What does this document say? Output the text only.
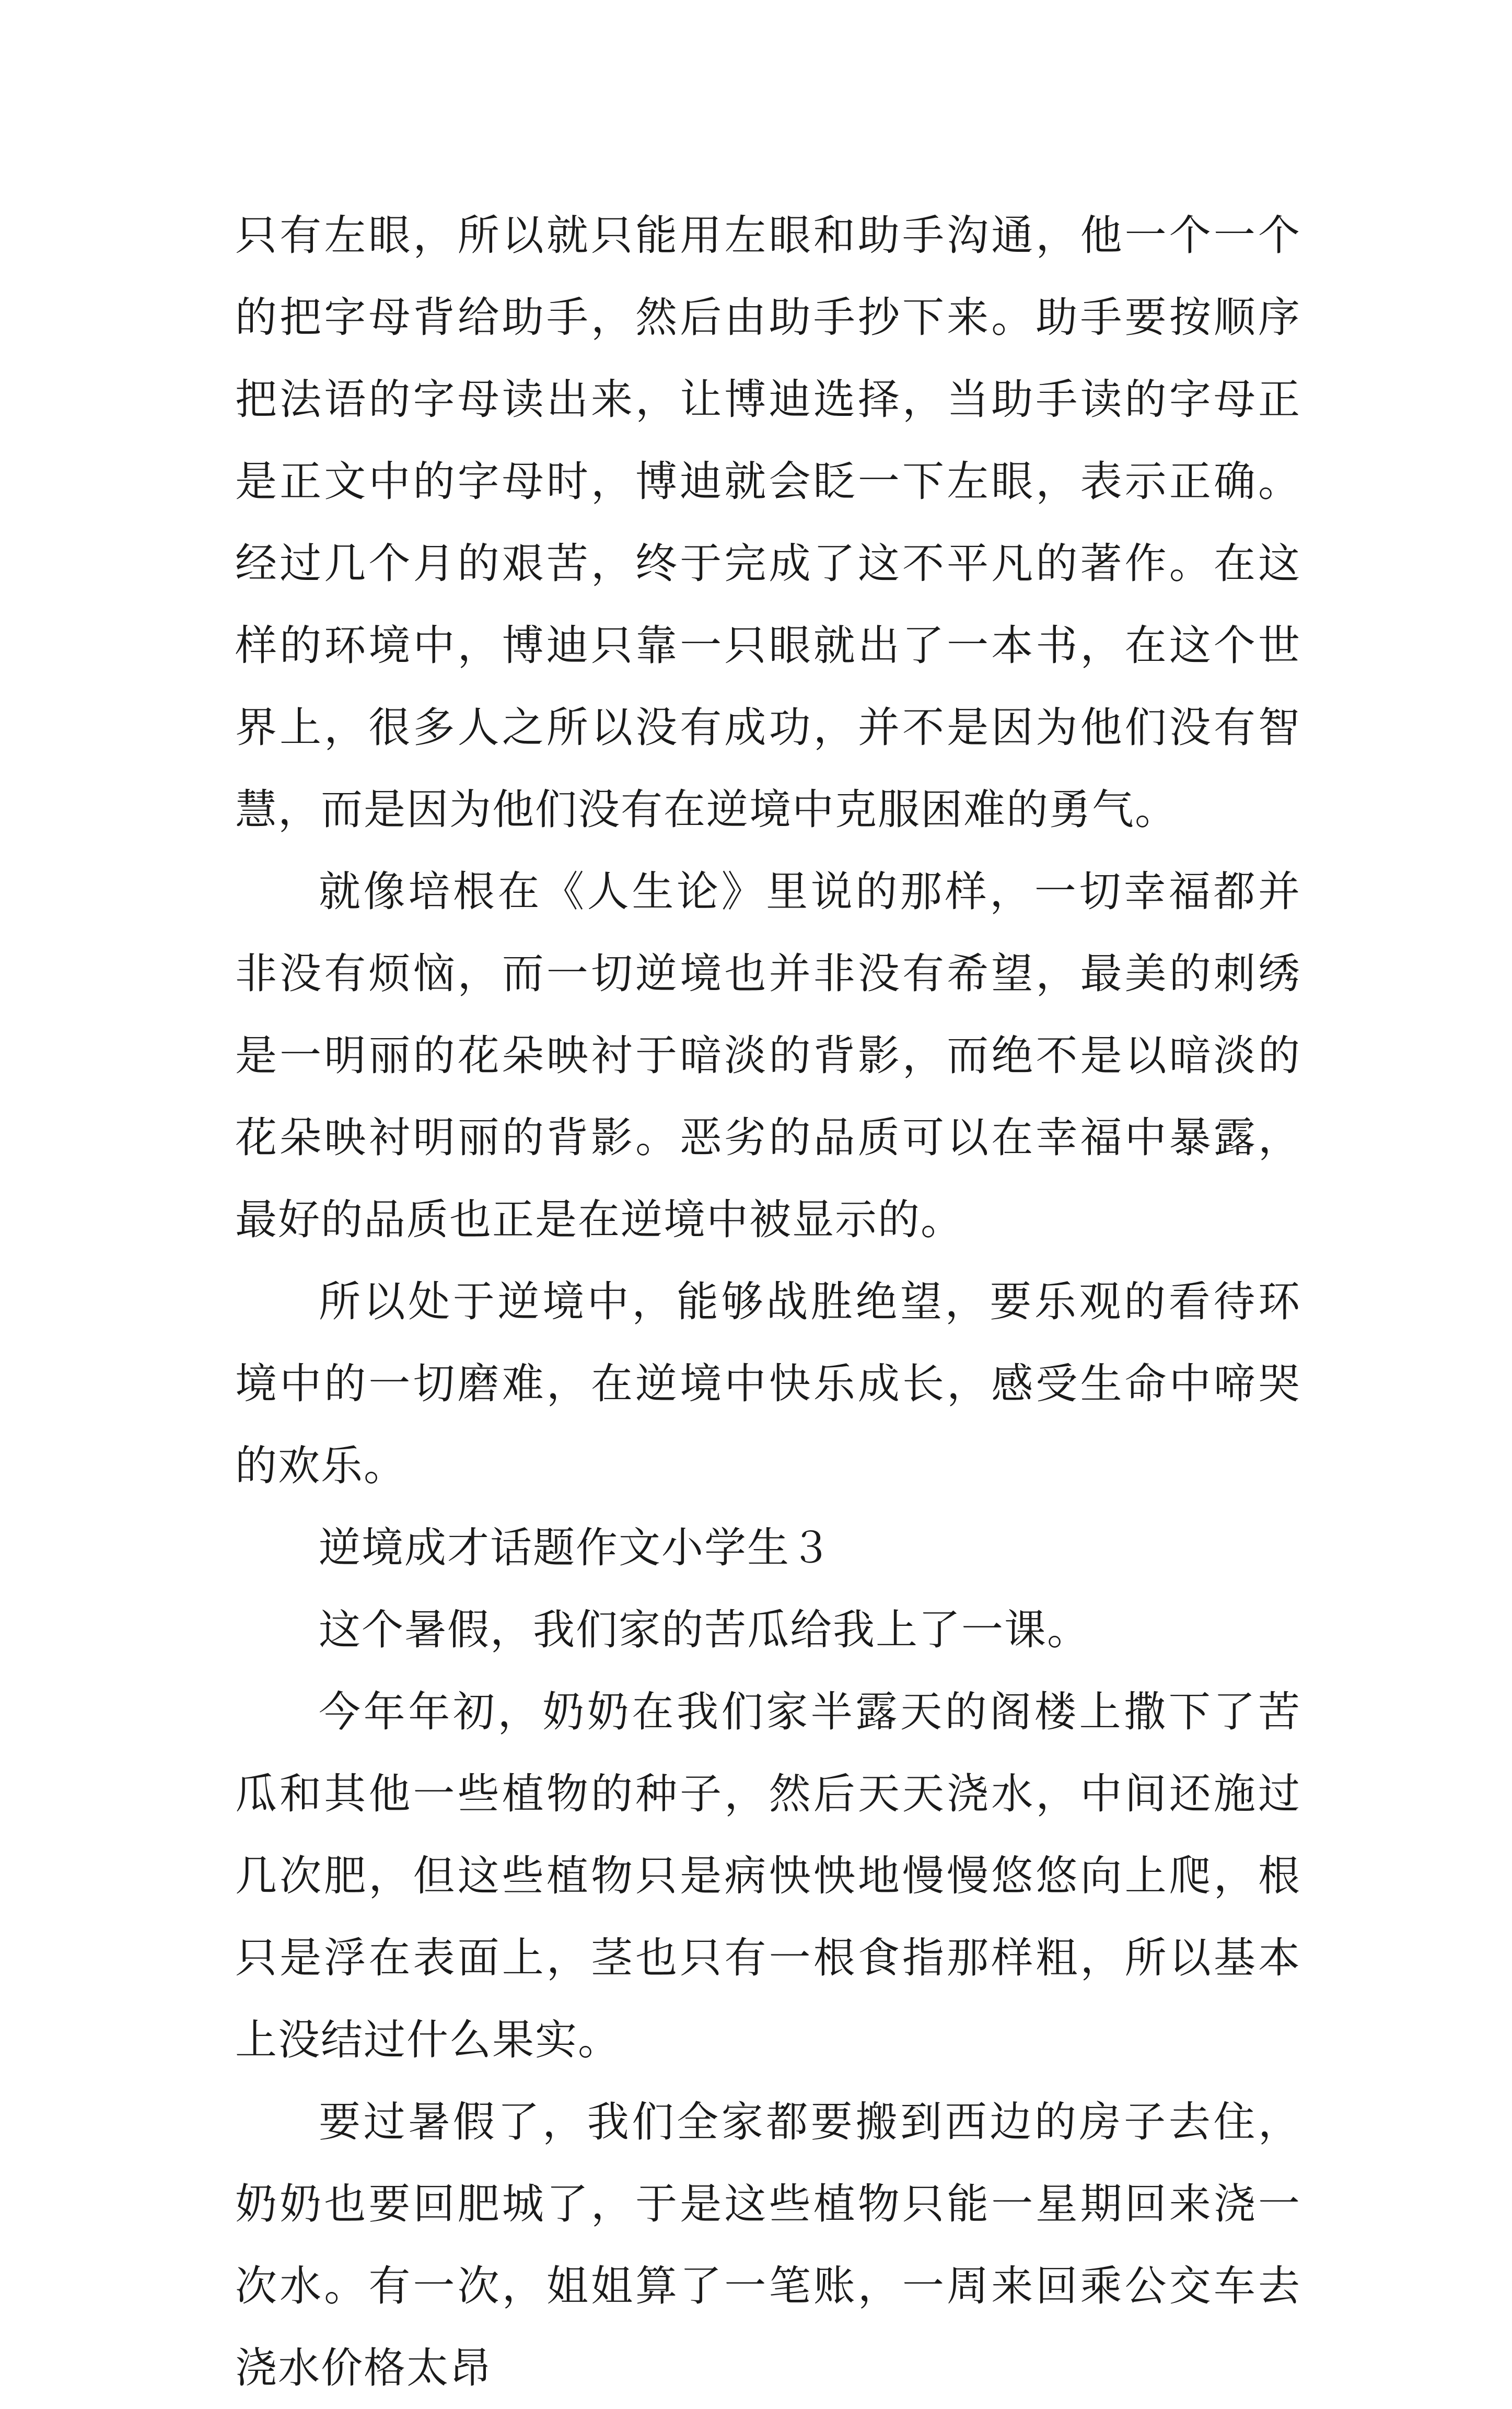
只有左眼，所以就只能用左眼和助手沟通，他一个一个的把字母背给助手，然后由助手抄下来。助手要按顺序把法语的字母读出来，让博迪选择，当助手读的字母正是正文中的字母时，博迪就会眨一下左眼，表示正确。经过几个月的艰苦，终于完成了这不平凡的著作。在这样的环境中，博迪只靠一只眼就出了一本书，在这个世界上，很多人之所以没有成功，并不是因为他们没有智慧，而是因为他们没有在逆境中克服困难的勇气。

就像培根在《人生论》里说的那样，一切幸福都并非没有烦恼，而一切逆境也并非没有希望，最美的刺绣是一明丽的花朵映衬于暗淡的背影，而绝不是以暗淡的花朵映衬明丽的背影。恶劣的品质可以在幸福中暴露，最好的品质也正是在逆境中被显示的。

所以处于逆境中，能够战胜绝望，要乐观的看待环境中的一切磨难，在逆境中快乐成长，感受生命中啼哭的欢乐。

逆境成才话题作文小学生３

这个暑假，我们家的苦瓜给我上了一课。

今年年初，奶奶在我们家半露天的阁楼上撒下了苦瓜和其他一些植物的种子，然后天天浇水，中间还施过几次肥，但这些植物只是病怏怏地慢慢悠悠向上爬，根只是浮在表面上，茎也只有一根食指那样粗，所以基本上没结过什么果实。

要过暑假了，我们全家都要搬到西边的房子去住，奶奶也要回肥城了，于是这些植物只能一星期回来浇一次水。有一次，姐姐算了一笔账，一周来回乘公交车去浇水价格太昂
